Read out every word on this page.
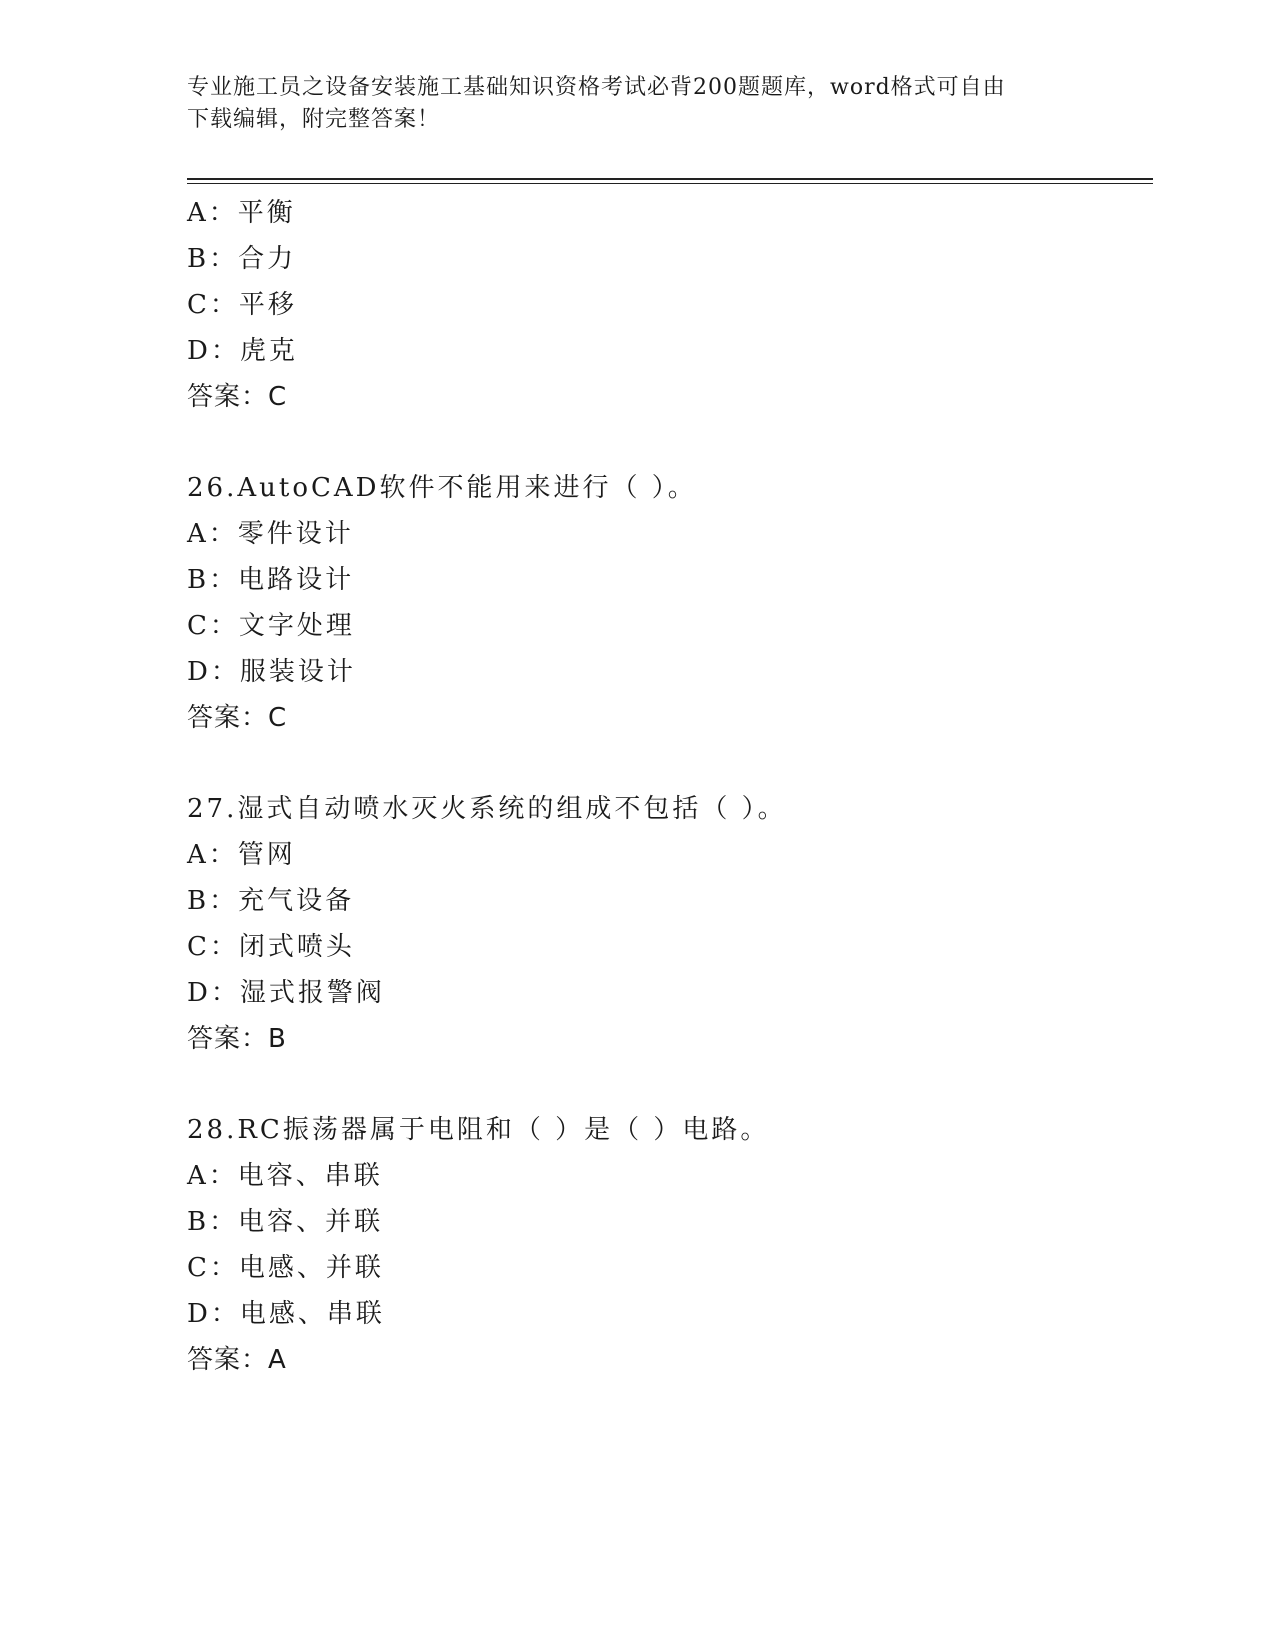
专业施工员之设备安装施工基础知识资格考试必背200题题库，word格式可自由
下载编辑，附完整答案！
A：平衡
B：合力
C：平移
D：虎克
答案：C
26.AutoCAD软件不能用来进行（ ）。
A：零件设计
B：电路设计
C：文字处理
D：服装设计
答案：C
27.湿式自动喷水灭火系统的组成不包括（ ）。
A：管网
B：充气设备
C：闭式喷头
D：湿式报警阀
答案：B
28.RC振荡器属于电阻和（ ）是（ ）电路。
A：电容、串联
B：电容、并联
C：电感、并联
D：电感、串联
答案：A
